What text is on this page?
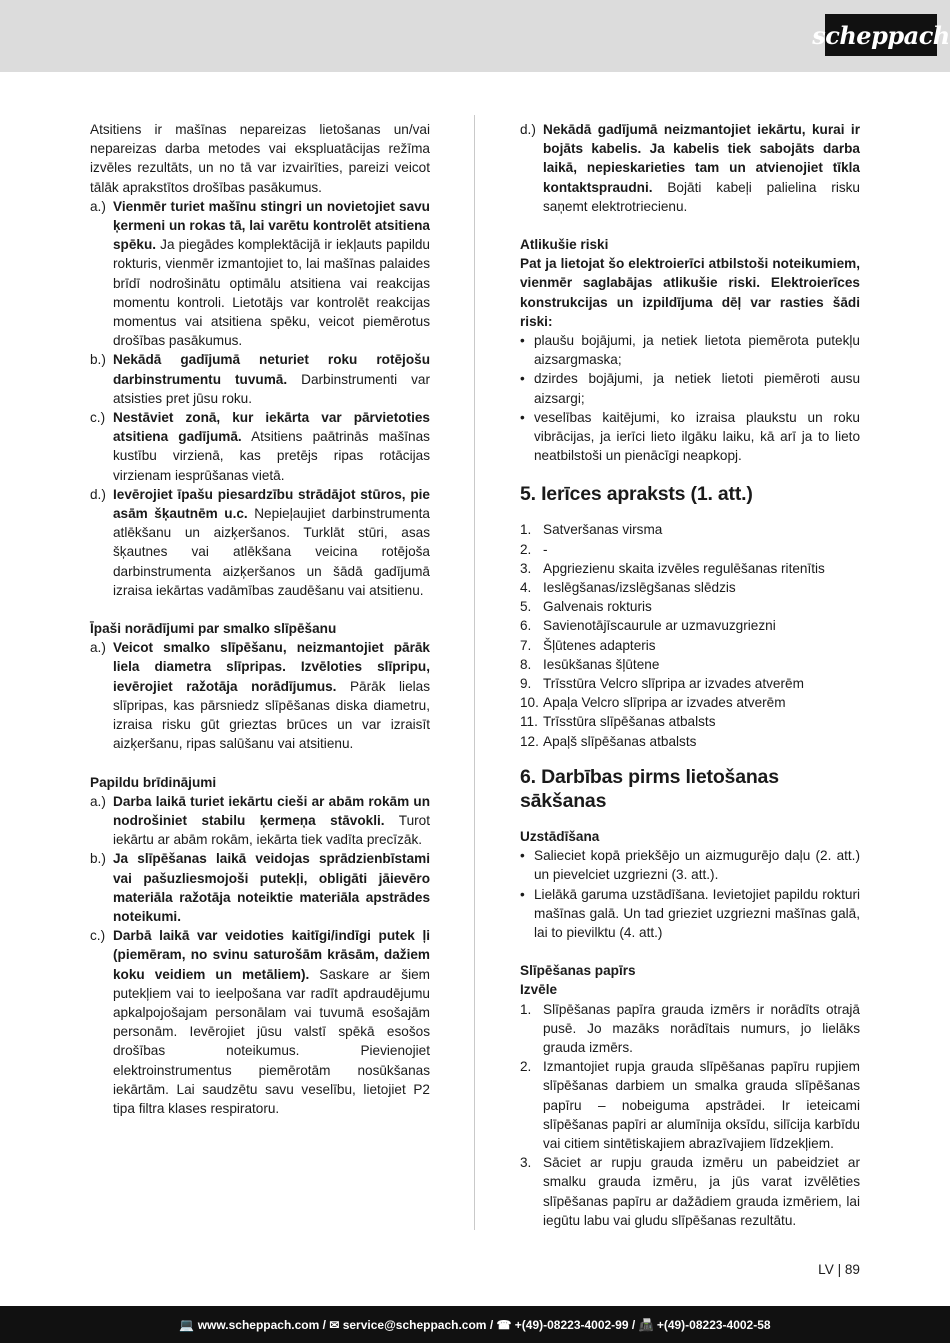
scheppach

Atsitiens ir mašīnas nepareizas lietošanas un/vai nepareizas darba metodes vai ekspluatācijas režīma izvēles rezultāts, un no tā var izvairīties, pareizi veicot tālāk aprakstītos drošības pasākumus.

a.) Vienmēr turiet mašīnu stingri un novietojiet savu ķermeni un rokas tā, lai varētu kontrolēt atsitiena spēku. Ja piegādes komplektācijā ir iekļauts papildu rokturis, vienmēr izmantojiet to, lai mašīnas palaides brīdī nodrošinātu optimālu atsitiena vai reakcijas momentu kontroli. Lietotājs var kontrolēt reakcijas momentus vai atsitiena spēku, veicot piemērotus drošības pasākumus.
b.) Nekādā gadījumā neturiet roku rotējošu darbinstrumentu tuvumā. Darbinstrumenti var atsisties pret jūsu roku.
c.) Nestāviet zonā, kur iekārta var pārvietoties atsitiena gadījumā. Atsitiens paātrinās mašīnas kustību virzienā, kas pretējs ripas rotācijas virzienam iesprūšanas vietā.
d.) Ievērojiet īpašu piesardzību strādājot stūros, pie asām šķautnēm u.c. Nepieļaujiet darbinstrumenta atlēkšanu un aizķeršanos. Turklāt stūri, asas šķautnes vai atlēkšana veicina rotējoša darbinstrumenta aizķeršanos un šādā gadījumā izraisa iekārtas vadāmības zaudēšanu vai atsitienu.
Īpaši norādījumi par smalko slīpēšanu
a.) Veicot smalko slīpēšanu, neizmantojiet pārāk liela diametra slīpripas. Izvēloties slīpripu, ievērojiet ražotāja norādījumus. Pārāk lielas slīpripas, kas pārsniedz slīpēšanas diska diametru, izraisa risku gūt grieztas brūces un var izraisīt aizķeršanu, ripas salūšanu vai atsitienu.
Papildu brīdinājumi
a.) Darba laikā turiet iekārtu cieši ar abām rokām un nodrošiniet stabilu ķermeņa stāvokli. Turot iekārtu ar abām rokām, iekārta tiek vadīta precīzāk.
b.) Ja slīpēšanas laikā veidojas sprādzienbīstami vai pašuzliesmojoši putekļi, obligāti jāievēro materiāla ražotāja noteiktie materiāla apstrādes noteikumi.
c.) Darbā laikā var veidoties kaitīgi/indīgi putek ļi (piemēram, no svinu saturošām krāsām, dažiem koku veidiem un metāliem). Saskare ar šiem putekļiem vai to ieelpošana var radīt apdraudējumu apkalpojošajam personālam vai tuvumā esošajām personām. Ievērojiet jūsu valstī spēkā esošos drošības noteikumus. Pievienojiet elektroinstrumentus piemērotām nosūkšanas iekārtām. Lai saudzētu savu veselību, lietojiet P2 tipa filtra klases respiratoru.
d.) Nekādā gadījumā neizmantojiet iekārtu, kurai ir bojāts kabelis. Ja kabelis tiek sabojāts darba laikā, nepieskarieties tam un atvienojiet tīkla kontaktspraudni. Bojāti kabeļi palielina risku saņemt elektrotriecienu.
Atlikušie riski

Pat ja lietojat šo elektroierīci atbilstoši noteikumiem, vienmēr saglabājas atlikušie riski. Elektroierīces konstrukcijas un izpildījuma dēļ var rasties šādi riski:

• plaušu bojājumi, ja netiek lietota piemērota putekļu aizsargmaska;
• dzirdes bojājumi, ja netiek lietoti piemēroti ausu aizsargi;
• veselības kaitējumi, ko izraisa plaukstu un roku vibrācijas, ja ierīci lieto ilgāku laiku, kā arī ja to lieto neatbilstoši un pienācīgi neapkopj.
5. Ierīces apraksts (1. att.)
1. Satveršanas virsma
2. -
3. Apgriezienu skaita izvēles regulēšanas ritenītis
4. Ieslēgšanas/izslēgšanas slēdzis
5. Galvenais rokturis
6. Savienotājīscaurule ar uzmavuzgriezni
7. Šļūtenes adapteris
8. Iesūkšanas šļūtene
9. Trīsstūra Velcro slīpripa ar izvades atverēm
10. Apaļa Velcro slīpripa ar izvades atverēm
11. Trīsstūra slīpēšanas atbalsts
12. Apaļš slīpēšanas atbalsts
6. Darbības pirms lietošanas sākšanas
Uzstādīšana
• Salieciet kopā priekšējo un aizmugurējo daļu (2. att.) un pievelciet uzgriezni (3. att.).
• Lielākā garuma uzstādīšana. Ievietojiet papildu rokturi mašīnas galā. Un tad grieziet uzgriezni mašīnas galā, lai to pievilktu (4. att.)
Slīpēšanas papīrs
Izvēle
1. Slīpēšanas papīra grauda izmērs ir norādīts otrajā pusē. Jo mazāks norādītais numurs, jo lielāks grauda izmērs.
2. Izmantojiet rupja grauda slīpēšanas papīru rupjiem slīpēšanas darbiem un smalka grauda slīpēšanas papīru – nobeiguma apstrādei. Ir ieteicami slīpēšanas papīri ar alumīnija oksīdu, silīcija karbīdu vai citiem sintētiskajiem abrazīvajiem līdzekļiem.
3. Sāciet ar rupju grauda izmēru un pabeidziet ar smalku grauda izmēru, ja jūs varat izvēlēties slīpēšanas papīru ar dažādiem grauda izmēriem, lai iegūtu labu vai gludu slīpēšanas rezultātu.
LV | 89
💻 www.scheppach.com / ✉ service@scheppach.com / ☎ +(49)-08223-4002-99 / 📠 +(49)-08223-4002-58
